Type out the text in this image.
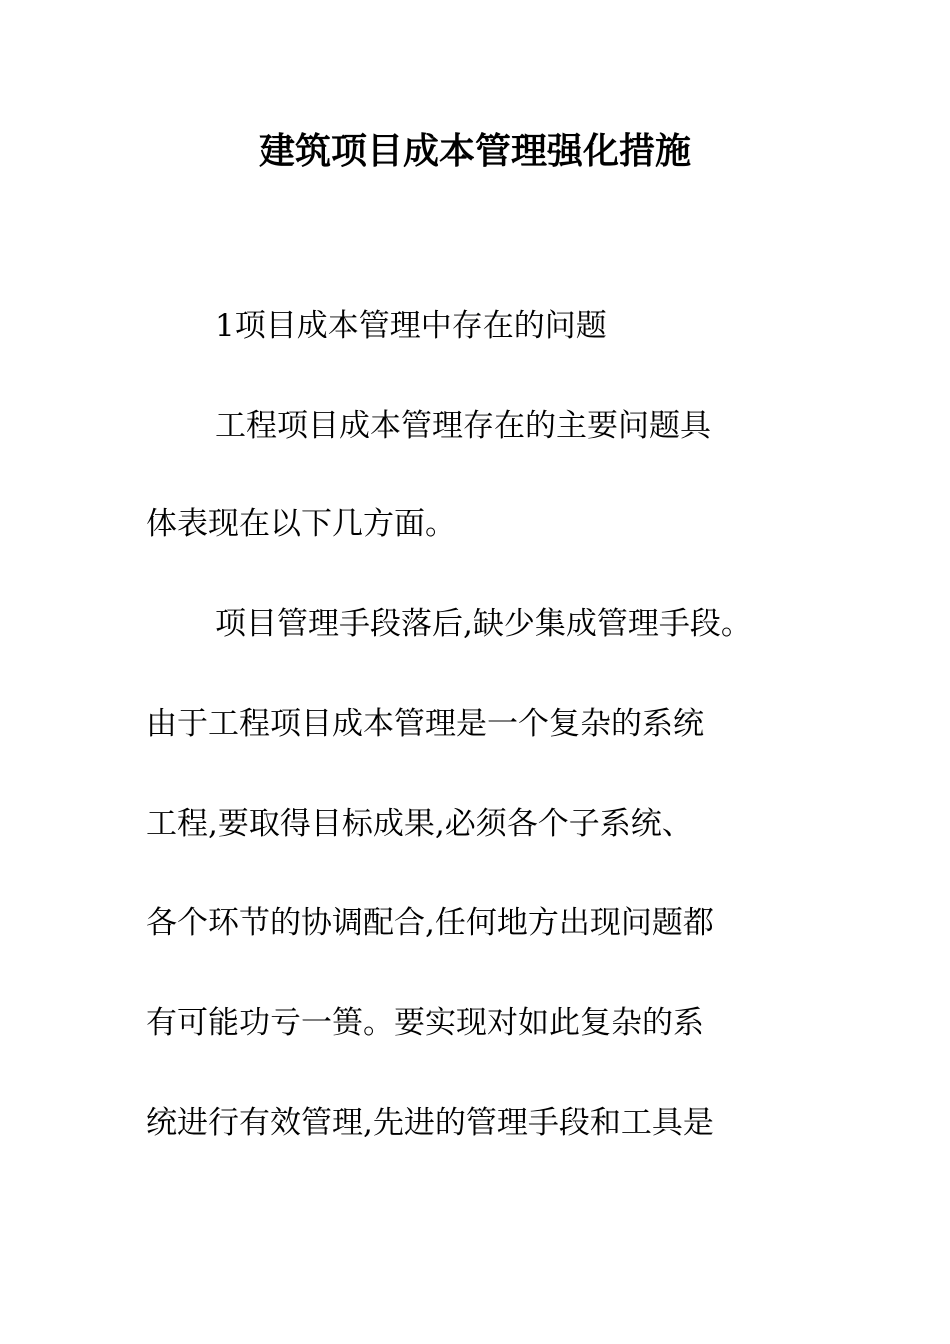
建筑项目成本管理强化措施
1项目成本管理中存在的问题
工程项目成本管理存在的主要问题具
体表现在以下几方面。
项目管理手段落后,缺少集成管理手段。
由于工程项目成本管理是一个复杂的系统
工程,要取得目标成果,必须各个子系统、
各个环节的协调配合,任何地方出现问题都
有可能功亏一篑。要实现对如此复杂的系
统进行有效管理,先进的管理手段和工具是
